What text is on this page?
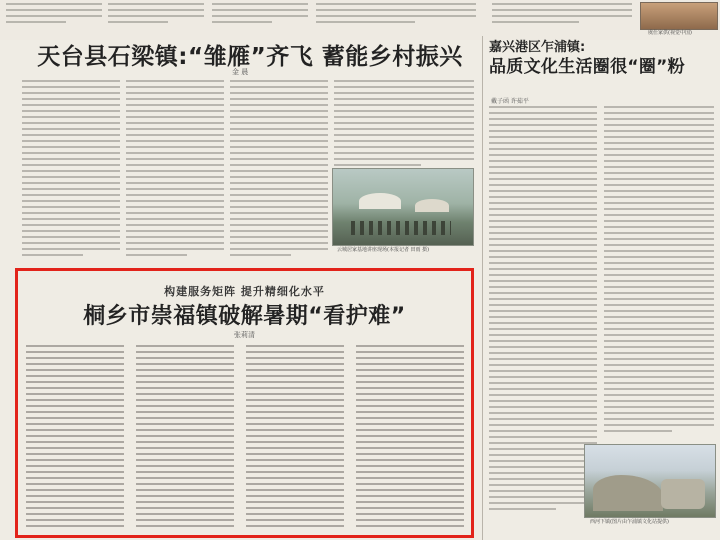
虞仕家供(视觉中国)
天台县石梁镇:“雏雁”齐飞 蓄能乡村振兴
金 晨
云城居家基地讲座现场(本报记者 田雨 摄)
嘉兴港区乍浦镇:
品质文化生活圈很“圈”粉
戴子函 许茹平
西河下镇(图片由乍浦镇文化站提供)
构建服务矩阵 提升精细化水平
桐乡市崇福镇破解暑期“看护难”
张莉清
